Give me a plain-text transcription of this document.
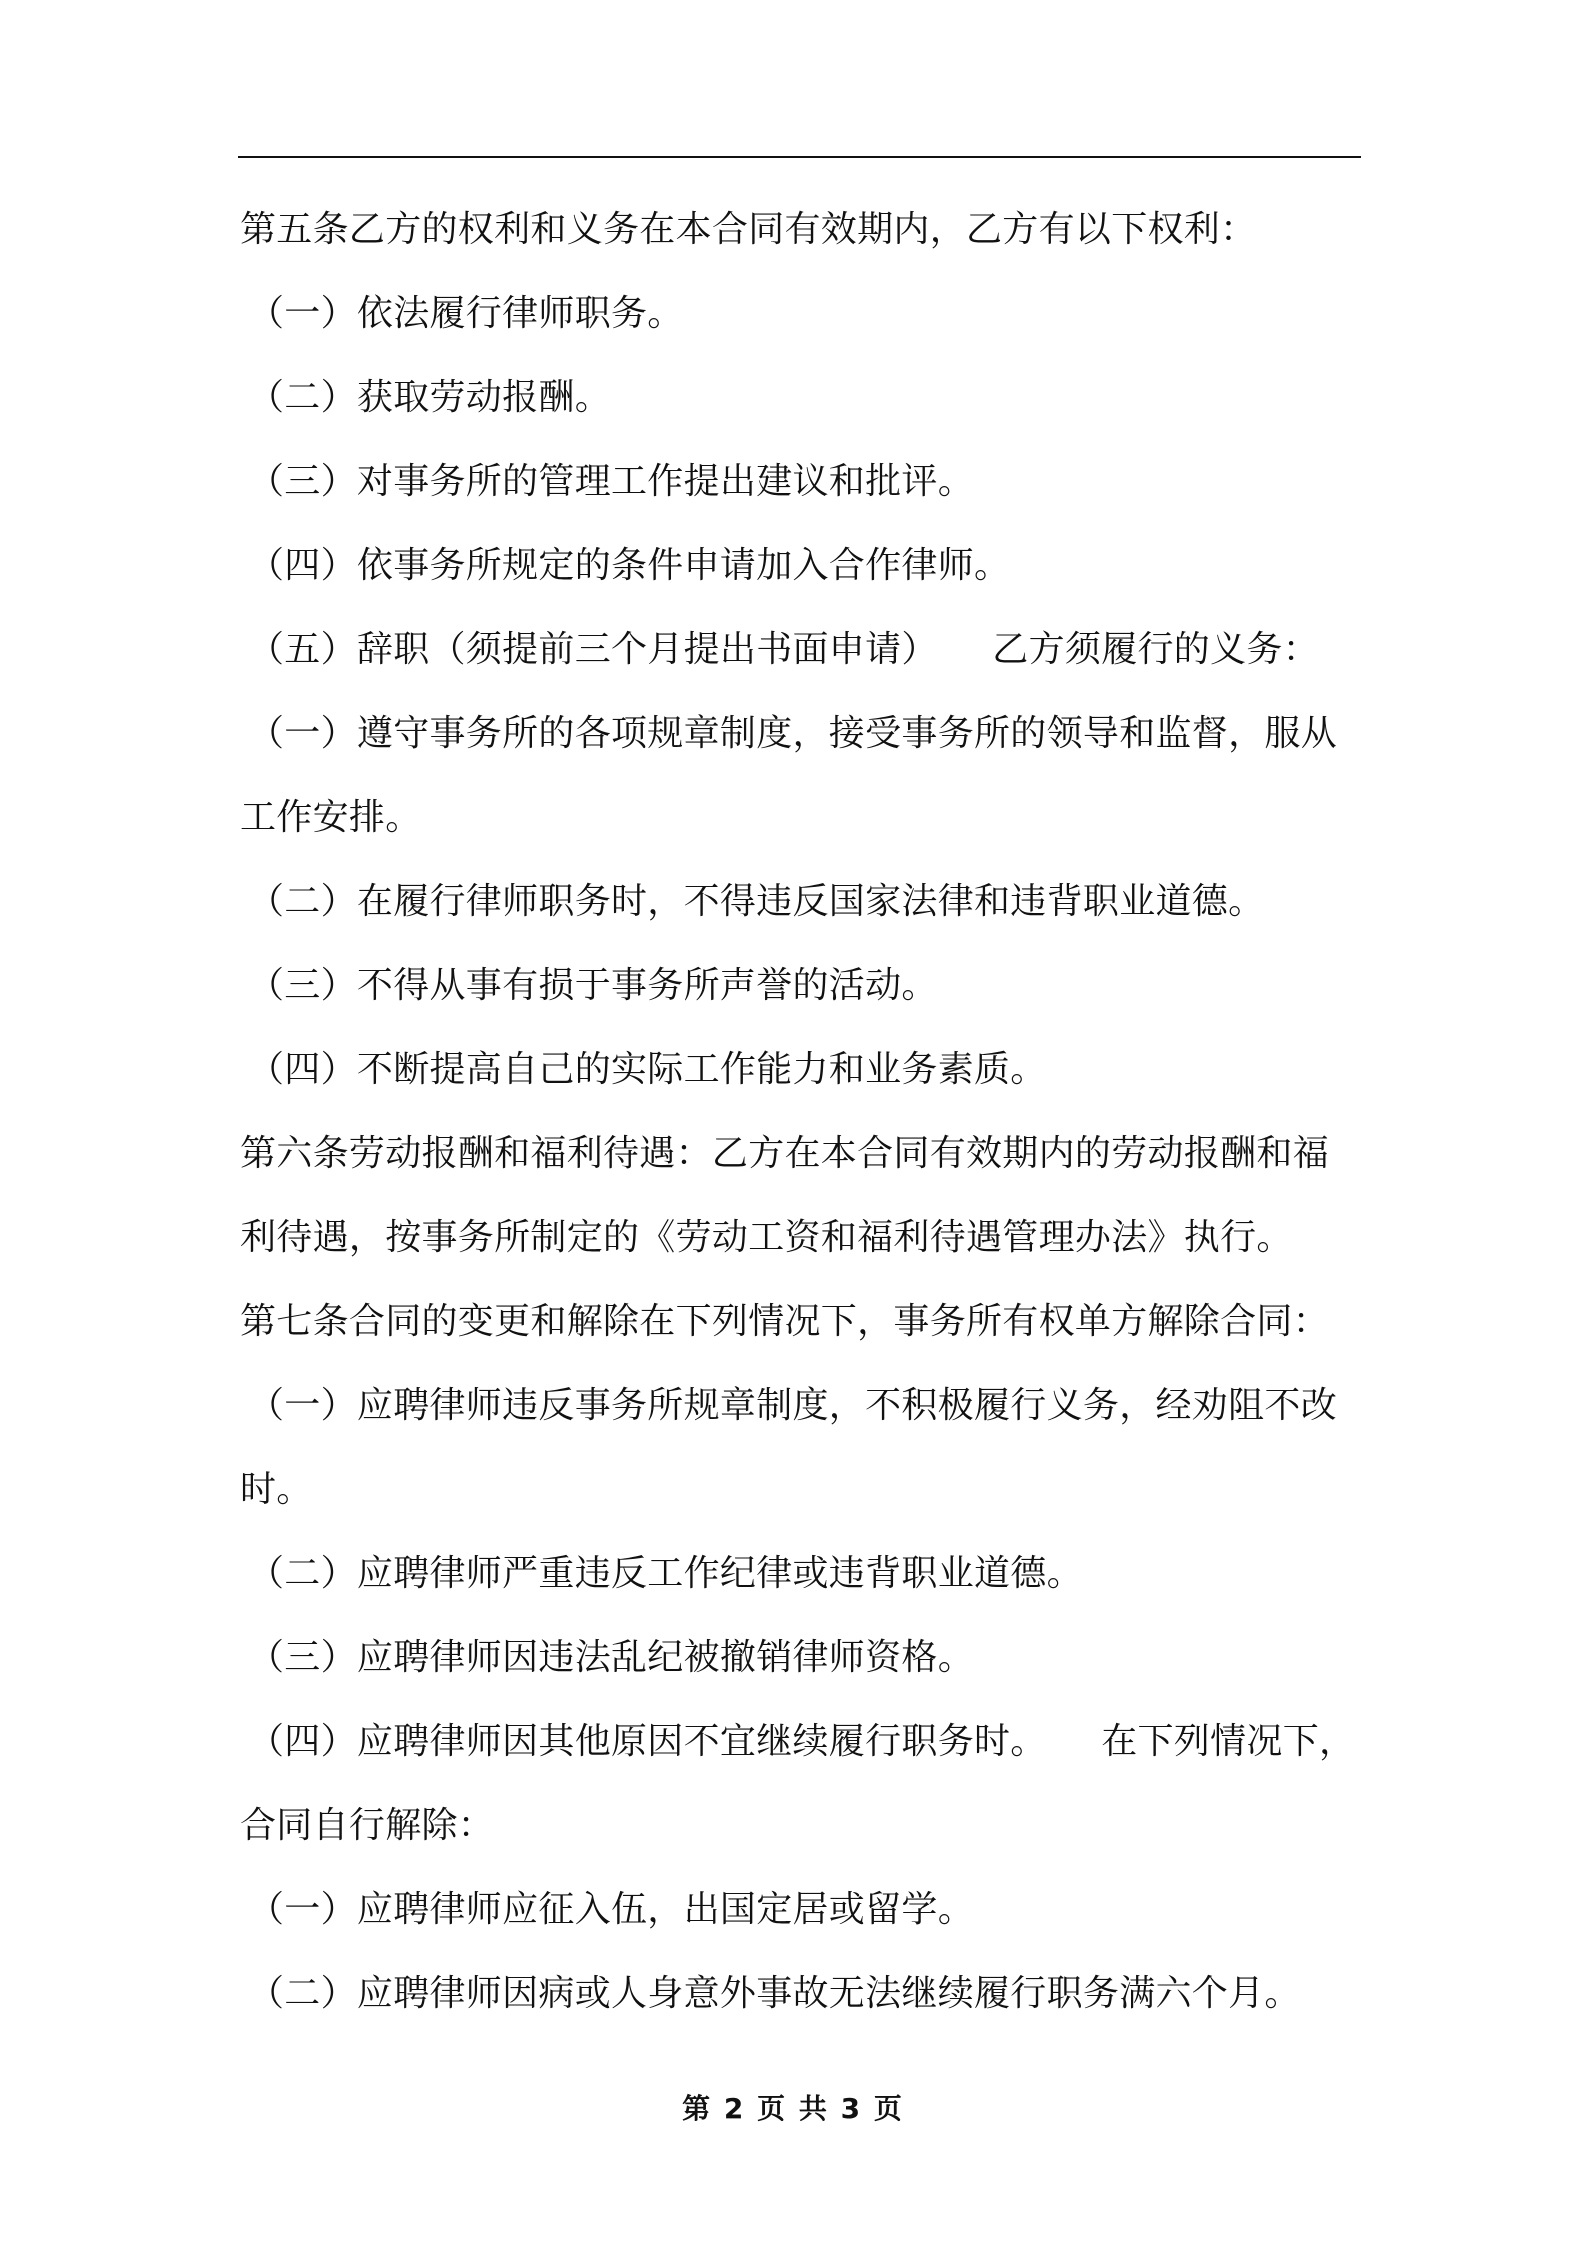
第五条乙方的权利和义务在本合同有效期内，乙方有以下权利：
（一）依法履行律师职务。
（二）获取劳动报酬。
（三）对事务所的管理工作提出建议和批评。
（四）依事务所规定的条件申请加入合作律师。
（五）辞职（须提前三个月提出书面申请）　　乙方须履行的义务：
（一）遵守事务所的各项规章制度，接受事务所的领导和监督，服从
工作安排。
（二）在履行律师职务时，不得违反国家法律和违背职业道德。
（三）不得从事有损于事务所声誉的活动。
（四）不断提高自己的实际工作能力和业务素质。
第六条劳动报酬和福利待遇：乙方在本合同有效期内的劳动报酬和福
利待遇，按事务所制定的《劳动工资和福利待遇管理办法》执行。
第七条合同的变更和解除在下列情况下，事务所有权单方解除合同：
（一）应聘律师违反事务所规章制度，不积极履行义务，经劝阻不改
时。
（二）应聘律师严重违反工作纪律或违背职业道德。
（三）应聘律师因违法乱纪被撤销律师资格。
（四）应聘律师因其他原因不宜继续履行职务时。　　在下列情况下，
合同自行解除：
（一）应聘律师应征入伍，出国定居或留学。
（二）应聘律师因病或人身意外事故无法继续履行职务满六个月。
第 2 页 共 3 页
